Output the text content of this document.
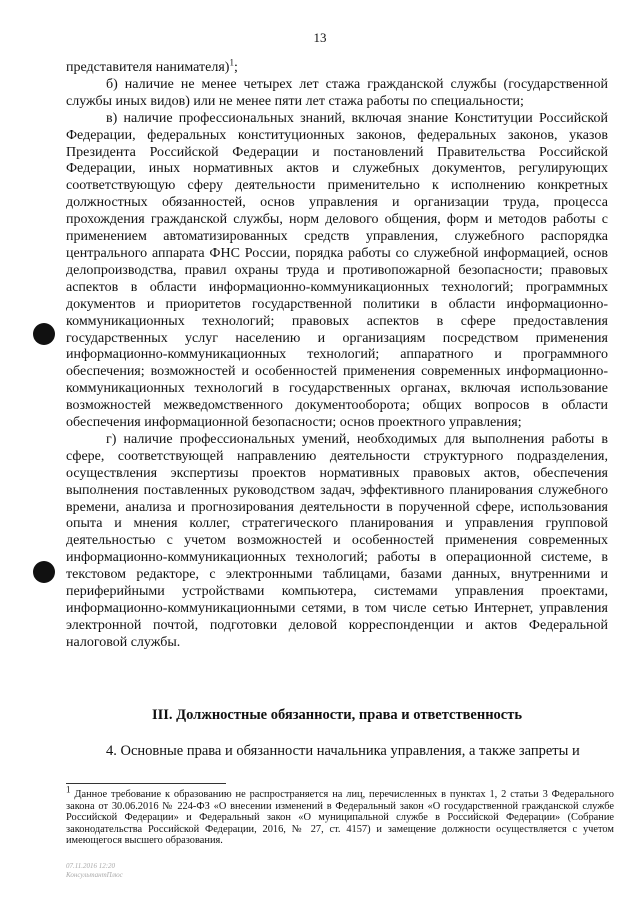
13

представителя нанимателя)$^1$;

б) наличие не менее четырех лет стажа гражданской службы (государственной службы иных видов) или не менее пяти лет стажа работы по специальности;

в) наличие профессиональных знаний, включая знание Конституции Российской Федерации, федеральных конституционных законов, федеральных законов, указов Президента Российской Федерации и постановлений Правительства Российской Федерации, иных нормативных актов и служебных документов, регулирующих соответствующую сферу деятельности применительно к исполнению конкретных должностных обязанностей, основ управления и организации труда, процесса прохождения гражданской службы, норм делового общения, форм и методов работы с применением автоматизированных средств управления, служебного распорядка центрального аппарата ФНС России, порядка работы со служебной информацией, основ делопроизводства, правил охраны труда и противопожарной безопасности; правовых аспектов в области информационно-коммуникационных технологий; программных документов и приоритетов государственной политики в области информационно-коммуникационных технологий; правовых аспектов в сфере предоставления государственных услуг населению и организациям посредством применения информационно-коммуникационных технологий; аппаратного и программного обеспечения; возможностей и особенностей применения современных информационно-коммуникационных технологий в государственных органах, включая использование возможностей межведомственного документооборота; общих вопросов в области обеспечения информационной безопасности; основ проектного управления;

г) наличие профессиональных умений, необходимых для выполнения работы в сфере, соответствующей направлению деятельности структурного подразделения, осуществления экспертизы проектов нормативных правовых актов, обеспечения выполнения поставленных руководством задач, эффективного планирования служебного времени, анализа и прогнозирования деятельности в порученной сфере, использования опыта и мнения коллег, стратегического планирования и управления групповой деятельностью с учетом возможностей и особенностей применения современных информационно-коммуникационных технологий; работы в операционной системе, в текстовом редакторе, с электронными таблицами, базами данных, внутренними и периферийными устройствами компьютера, системами управления проектами, информационно-коммуникационными сетями, в том числе сетью Интернет, управления электронной почтой, подготовки деловой корреспонденции и актов Федеральной налоговой службы.

III. Должностные обязанности, права и ответственность
4. Основные права и обязанности начальника управления, а также запреты и

$^1$ Данное требование к образованию не распространяется на лиц, перечисленных в пунктах 1, 2 статьи 3 Федерального закона от 30.06.2016 № 224-ФЗ «О внесении изменений в Федеральный закон «О государственной гражданской службе Российской Федерации» и Федеральный закон «О муниципальной службе в Российской Федерации» (Собрание законодательства Российской Федерации, 2016, № 27, ст. 4157) и замещение должности осуществляется с учетом имеющегося высшего образования.

07.11.2016 12:20
КонсультантПлюс
